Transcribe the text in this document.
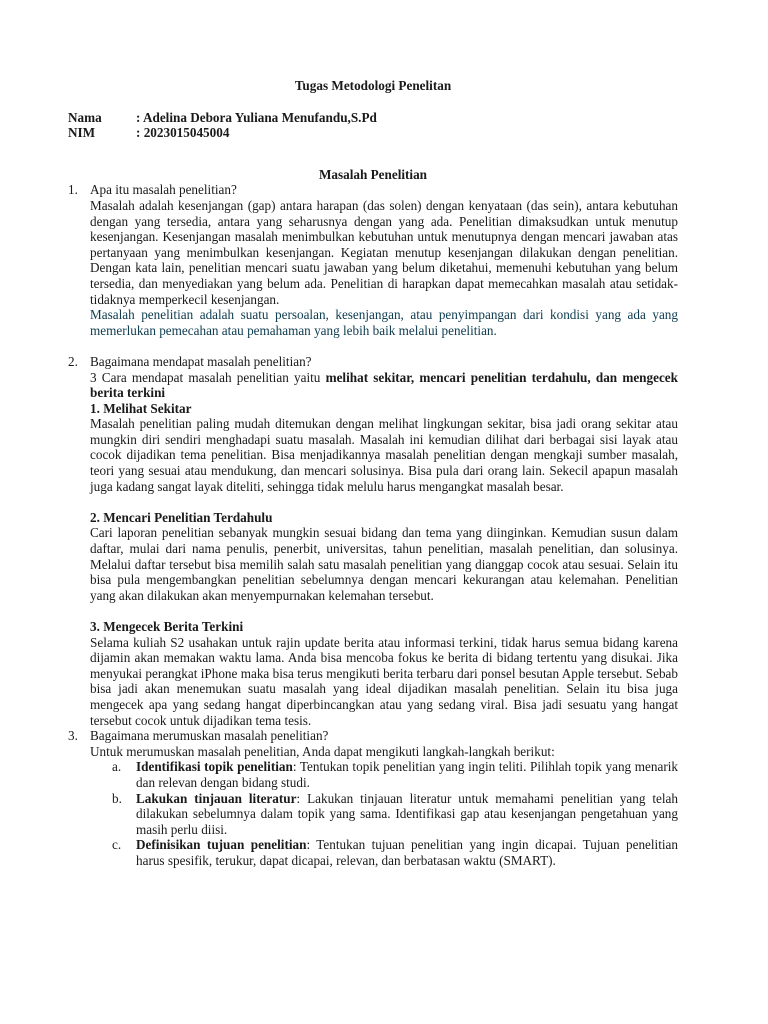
Tugas Metodologi Penelitan
Nama	: Adelina Debora Yuliana Menufandu,S.Pd
NIM	: 2023015045004
Masalah Penelitian
1. Apa itu masalah penelitian?
Masalah adalah kesenjangan (gap) antara harapan (das solen) dengan kenyataan (das sein), antara kebutuhan dengan yang tersedia, antara yang seharusnya dengan yang ada. Penelitian dimaksudkan untuk menutup kesenjangan. Kesenjangan masalah menimbulkan kebutuhan untuk menutupnya dengan mencari jawaban atas pertanyaan yang menimbulkan kesenjangan. Kegiatan menutup kesenjangan dilakukan dengan penelitian. Dengan kata lain, penelitian mencari suatu jawaban yang belum diketahui, memenuhi kebutuhan yang belum tersedia, dan menyediakan yang belum ada. Penelitian di harapkan dapat memecahkan masalah atau setidak-tidaknya memperkecil kesenjangan.
Masalah penelitian adalah suatu persoalan, kesenjangan, atau penyimpangan dari kondisi yang ada yang memerlukan pemecahan atau pemahaman yang lebih baik melalui penelitian.
2. Bagaimana mendapat masalah penelitian?
3 Cara mendapat masalah penelitian yaitu melihat sekitar, mencari penelitian terdahulu, dan mengecek berita terkini
1. Melihat Sekitar
Masalah penelitian paling mudah ditemukan dengan melihat lingkungan sekitar, bisa jadi orang sekitar atau mungkin diri sendiri menghadapi suatu masalah. Masalah ini kemudian dilihat dari berbagai sisi layak atau cocok dijadikan tema penelitian. Bisa menjadikannya masalah penelitian dengan mengkaji sumber masalah, teori yang sesuai atau mendukung, dan mencari solusinya. Bisa pula dari orang lain. Sekecil apapun masalah juga kadang sangat layak diteliti, sehingga tidak melulu harus mengangkat masalah besar.
2. Mencari Penelitian Terdahulu
Cari laporan penelitian sebanyak mungkin sesuai bidang dan tema yang diinginkan. Kemudian susun dalam daftar, mulai dari nama penulis, penerbit, universitas, tahun penelitian, masalah penelitian, dan solusinya. Melalui daftar tersebut bisa memilih salah satu masalah penelitian yang dianggap cocok atau sesuai. Selain itu bisa pula mengembangkan penelitian sebelumnya dengan mencari kekurangan atau kelemahan. Penelitian yang akan dilakukan akan menyempurnakan kelemahan tersebut.
3. Mengecek Berita Terkini
Selama kuliah S2 usahakan untuk rajin update berita atau informasi terkini, tidak harus semua bidang karena dijamin akan memakan waktu lama. Anda bisa mencoba fokus ke berita di bidang tertentu yang disukai. Jika menyukai perangkat iPhone maka bisa terus mengikuti berita terbaru dari ponsel besutan Apple tersebut. Sebab bisa jadi akan menemukan suatu masalah yang ideal dijadikan masalah penelitian. Selain itu bisa juga mengecek apa yang sedang hangat diperbincangkan atau yang sedang viral. Bisa jadi sesuatu yang hangat tersebut cocok untuk dijadikan tema tesis.
3. Bagaimana merumuskan masalah penelitian?
Untuk merumuskan masalah penelitian, Anda dapat mengikuti langkah-langkah berikut:
a.	Identifikasi topik penelitian: Tentukan topik penelitian yang ingin teliti. Pilihlah topik yang menarik dan relevan dengan bidang studi.
b.	Lakukan tinjauan literatur: Lakukan tinjauan literatur untuk memahami penelitian yang telah dilakukan sebelumnya dalam topik yang sama. Identifikasi gap atau kesenjangan pengetahuan yang masih perlu diisi.
c.	Definisikan tujuan penelitian: Tentukan tujuan penelitian yang ingin dicapai. Tujuan penelitian harus spesifik, terukur, dapat dicapai, relevan, dan berbatasan waktu (SMART).
